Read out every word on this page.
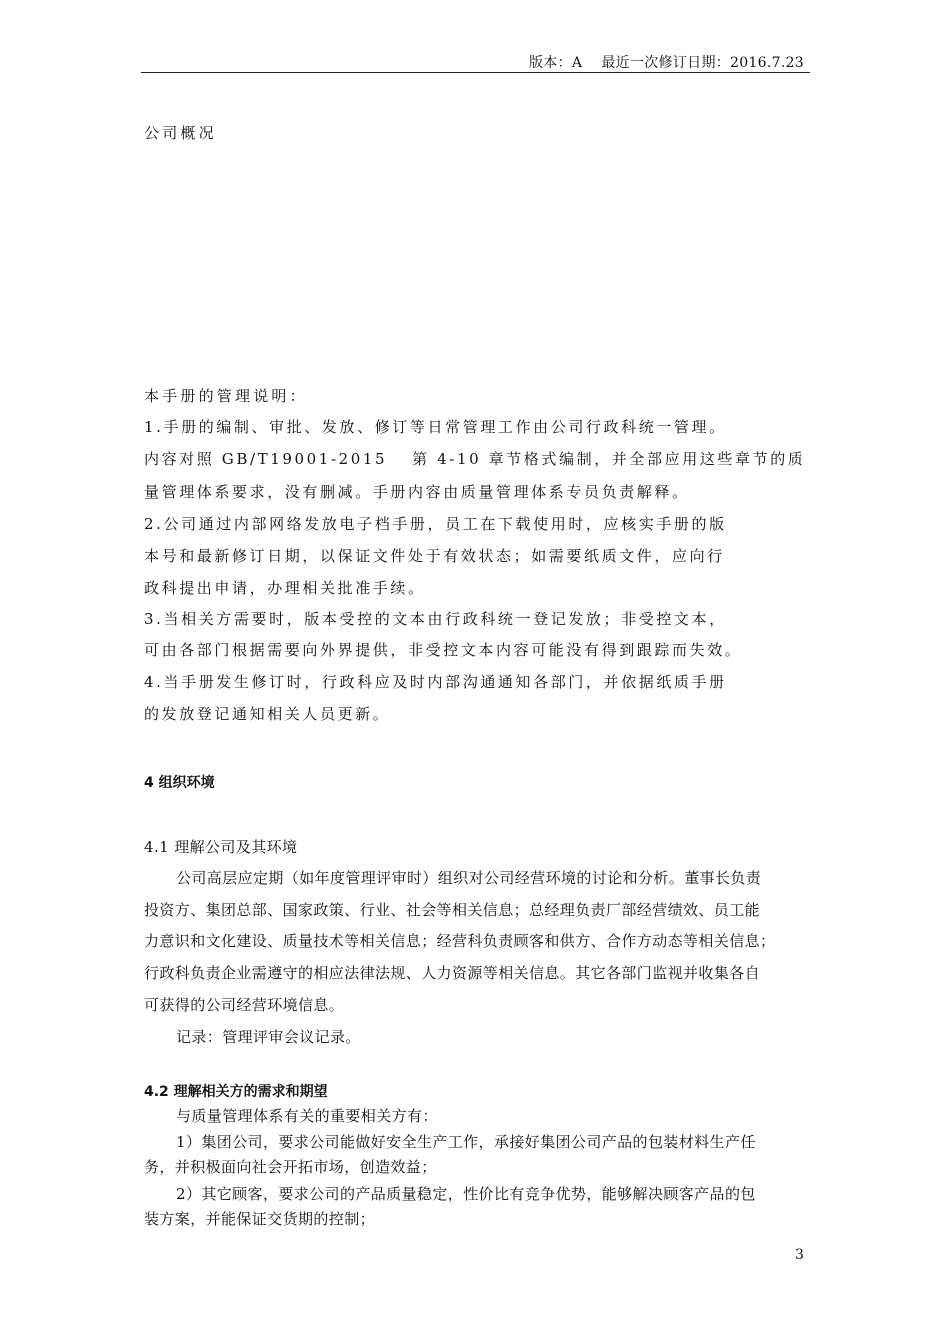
版本：A　 最近一次修订日期：2016.7.23
公司概况
本手册的管理说明：
1.手册的编制、审批、发放、修订等日常管理工作由公司行政科统一管理。
内容对照 GB/T19001-2015　 第 4-10 章节格式编制，并全部应用这些章节的质
量管理体系要求，没有删减。手册内容由质量管理体系专员负责解释。
2.公司通过内部网络发放电子档手册，员工在下载使用时，应核实手册的版
本号和最新修订日期，以保证文件处于有效状态；如需要纸质文件，应向行
政科提出申请，办理相关批准手续。
3.当相关方需要时，版本受控的文本由行政科统一登记发放；非受控文本，
可由各部门根据需要向外界提供，非受控文本内容可能没有得到跟踪而失效。
4.当手册发生修订时，行政科应及时内部沟通通知各部门，并依据纸质手册
的发放登记通知相关人员更新。
4 组织环境
4.1 理解公司及其环境
公司高层应定期（如年度管理评审时）组织对公司经营环境的讨论和分析。董事长负责
投资方、集团总部、国家政策、行业、社会等相关信息；总经理负责厂部经营绩效、员工能
力意识和文化建设、质量技术等相关信息；经营科负责顾客和供方、合作方动态等相关信息；
行政科负责企业需遵守的相应法律法规、人力资源等相关信息。其它各部门监视并收集各自
可获得的公司经营环境信息。
记录：管理评审会议记录。
4.2 理解相关方的需求和期望
与质量管理体系有关的重要相关方有：
1）集团公司，要求公司能做好安全生产工作，承接好集团公司产品的包装材料生产任
务，并积极面向社会开拓市场，创造效益；
2）其它顾客，要求公司的产品质量稳定，性价比有竞争优势，能够解决顾客产品的包
装方案，并能保证交货期的控制；
3
